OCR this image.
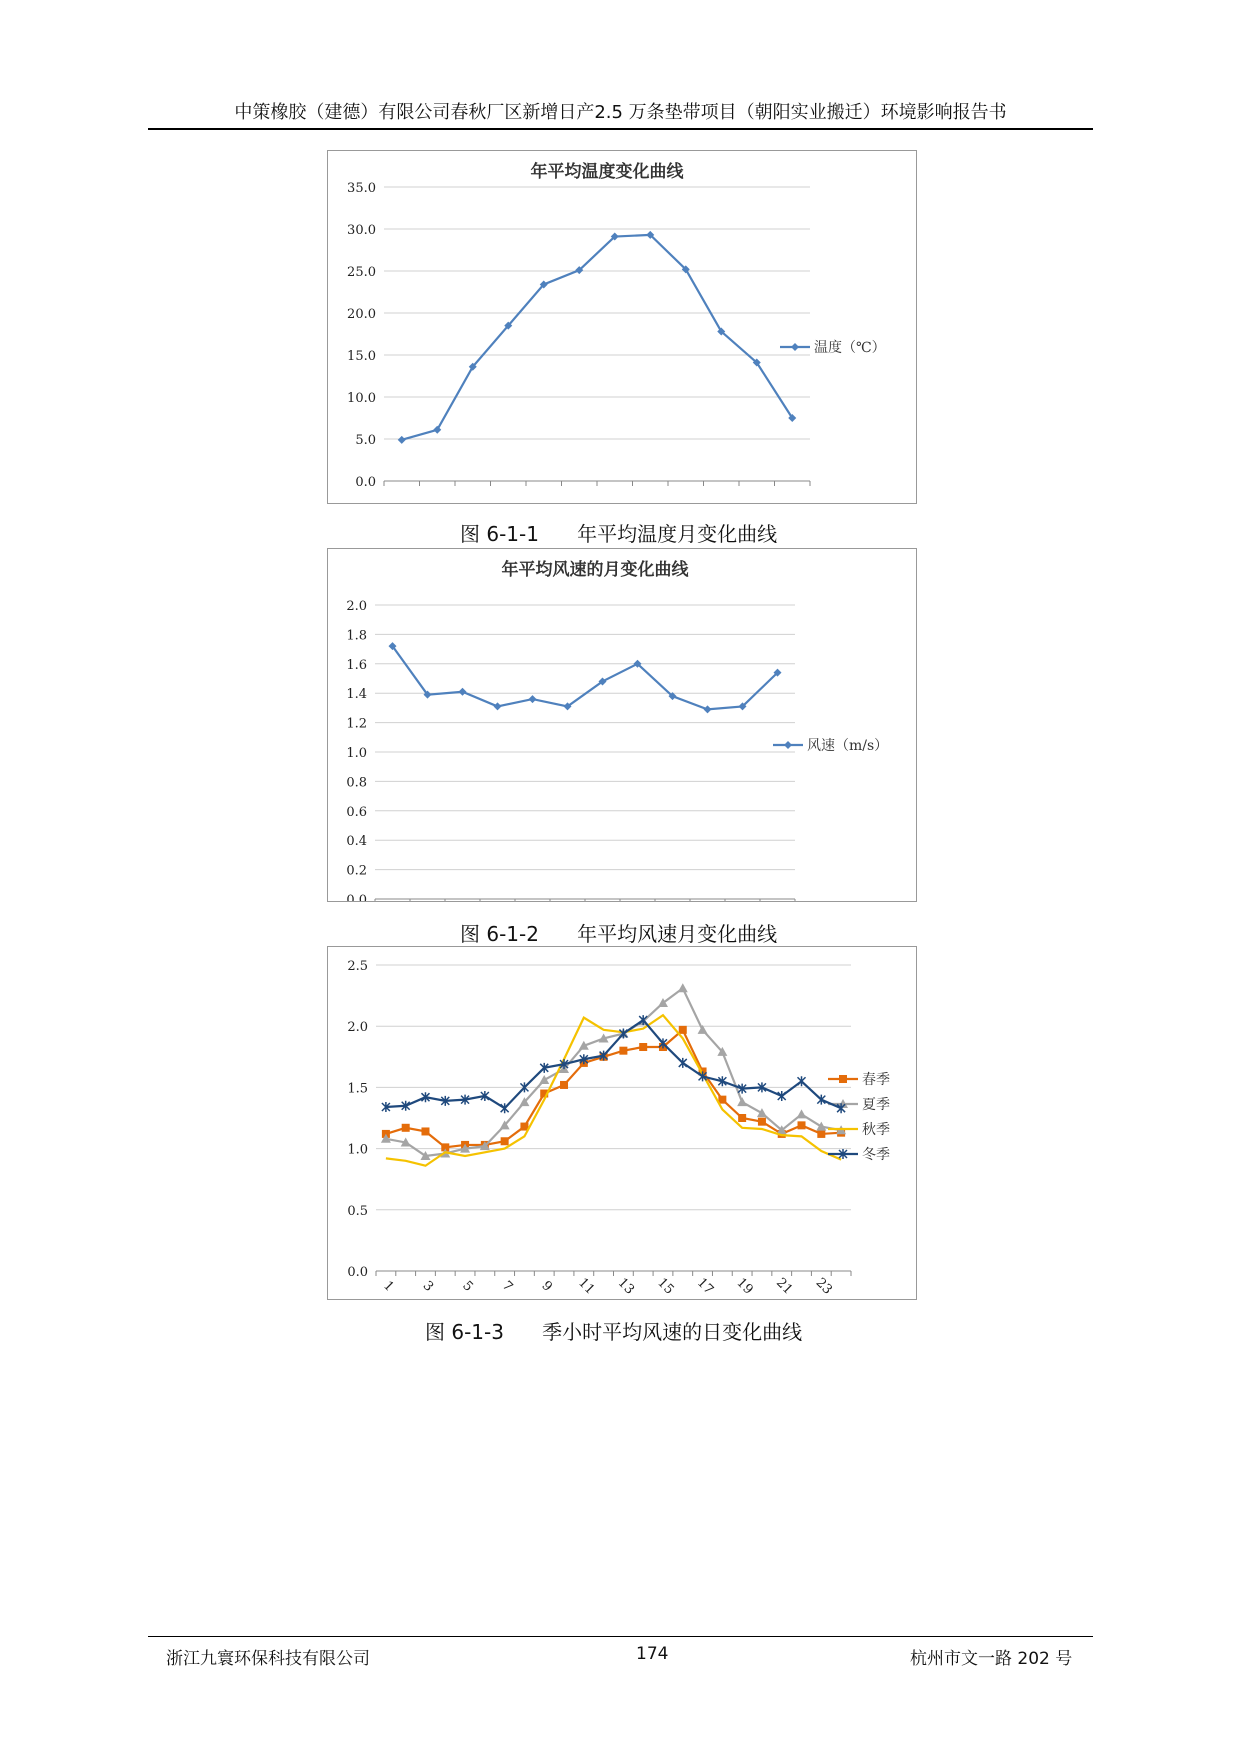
中策橡胶（建德）有限公司春秋厂区新增日产2.5 万条垫带项目（朝阳实业搬迁）环境影响报告书
年平均温度变化曲线
0.0
5.0
10.0
15.0
20.0
25.0
30.0
35.0
温度（℃）
图 6-1-1      年平均温度月变化曲线
年平均风速的月变化曲线
0.0
0.2
0.4
0.6
0.8
1.0
1.2
1.4
1.6
1.8
2.0
风速（m/s）
图 6-1-2      年平均风速月变化曲线
0.0
0.5
1.0
1.5
2.0
2.5
1 3 5 7 9 11 13 15 17 19 21 23
春季
夏季
秋季
冬季
图 6-1-3      季小时平均风速的日变化曲线
浙江九寰环保科技有限公司	174	杭州市文一路 202 号
